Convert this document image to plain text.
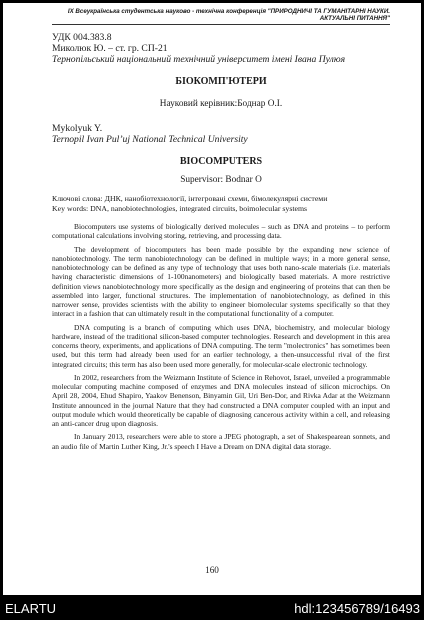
IX Всеукраїнська студентська науково - технічна конференція "ПРИРОДНИЧІ ТА ГУМАНІТАРНІ НАУКИ.
АКТУАЛЬНІ ПИТАННЯ"
УДК 004.383.8
Миколюк Ю. – ст. гр. СП-21
Тернопільський національний технічний університет імені Івана Пулюя
БІОКОМП'ЮТЕРИ
Науковий керівник:Боднар О.І.
Mykolyuk Y.
Ternopil Ivan Pul’uj National Technical University
BIOCOMPUTERS
Supervisor: Bodnar O
Ключові слова: ДНК, нанобіотехнології, інтегровані схеми, бімолекулярні системи
Key words: DNA, nanobiotechnologies, integrated circuits, boimolecular systems

Biocomputers use systems of biologically derived molecules – such as DNA and proteins – to perform computational calculations involving storing, retrieving, and processing data.

The development of biocomputers has been made possible by the expanding new science of nanobiotechnology. The term nanobiotechnology can be defined in multiple ways; in a more general sense, nanobiotechnology can be defined as any type of technology that uses both nano-scale materials (i.e. materials having characteristic dimensions of 1-100nanometers) and biologically based materials. A more restrictive definition views nanobiotechnology more specifically as the design and engineering of proteins that can then be assembled into larger, functional structures. The implementation of nanobiotechnology, as defined in this narrower sense, provides scientists with the ability to engineer biomolecular systems specifically so that they interact in a fashion that can ultimately result in the computational functionality of a computer.

DNA computing is a branch of computing which uses DNA, biochemistry, and molecular biology hardware, instead of the traditional silicon-based computer technologies. Research and development in this area concerns theory, experiments, and applications of DNA computing. The term "molectronics" has sometimes been used, but this term had already been used for an earlier technology, a then-unsuccessful rival of the first integrated circuits; this term has also been used more generally, for molecular-scale electronic technology.

In 2002, researchers from the Weizmann Institute of Science in Rehovot, Israel, unveiled a programmable molecular computing machine composed of enzymes and DNA molecules instead of silicon microchips. On April 28, 2004, Ehud Shapiro, Yaakov Benenson, Binyamin Gil, Uri Ben-Dor, and Rivka Adar at the Weizmann Institute announced in the journal Nature that they had constructed a DNA computer coupled with an input and output module which would theoretically be capable of diagnosing cancerous activity within a cell, and releasing an anti-cancer drug upon diagnosis.

In January 2013, researchers were able to store a JPEG photograph, a set of Shakespearean sonnets, and an audio file of Martin Luther King, Jr.'s speech I Have a Dream on DNA digital data storage.

160
ELARTU	hdl:123456789/16493
